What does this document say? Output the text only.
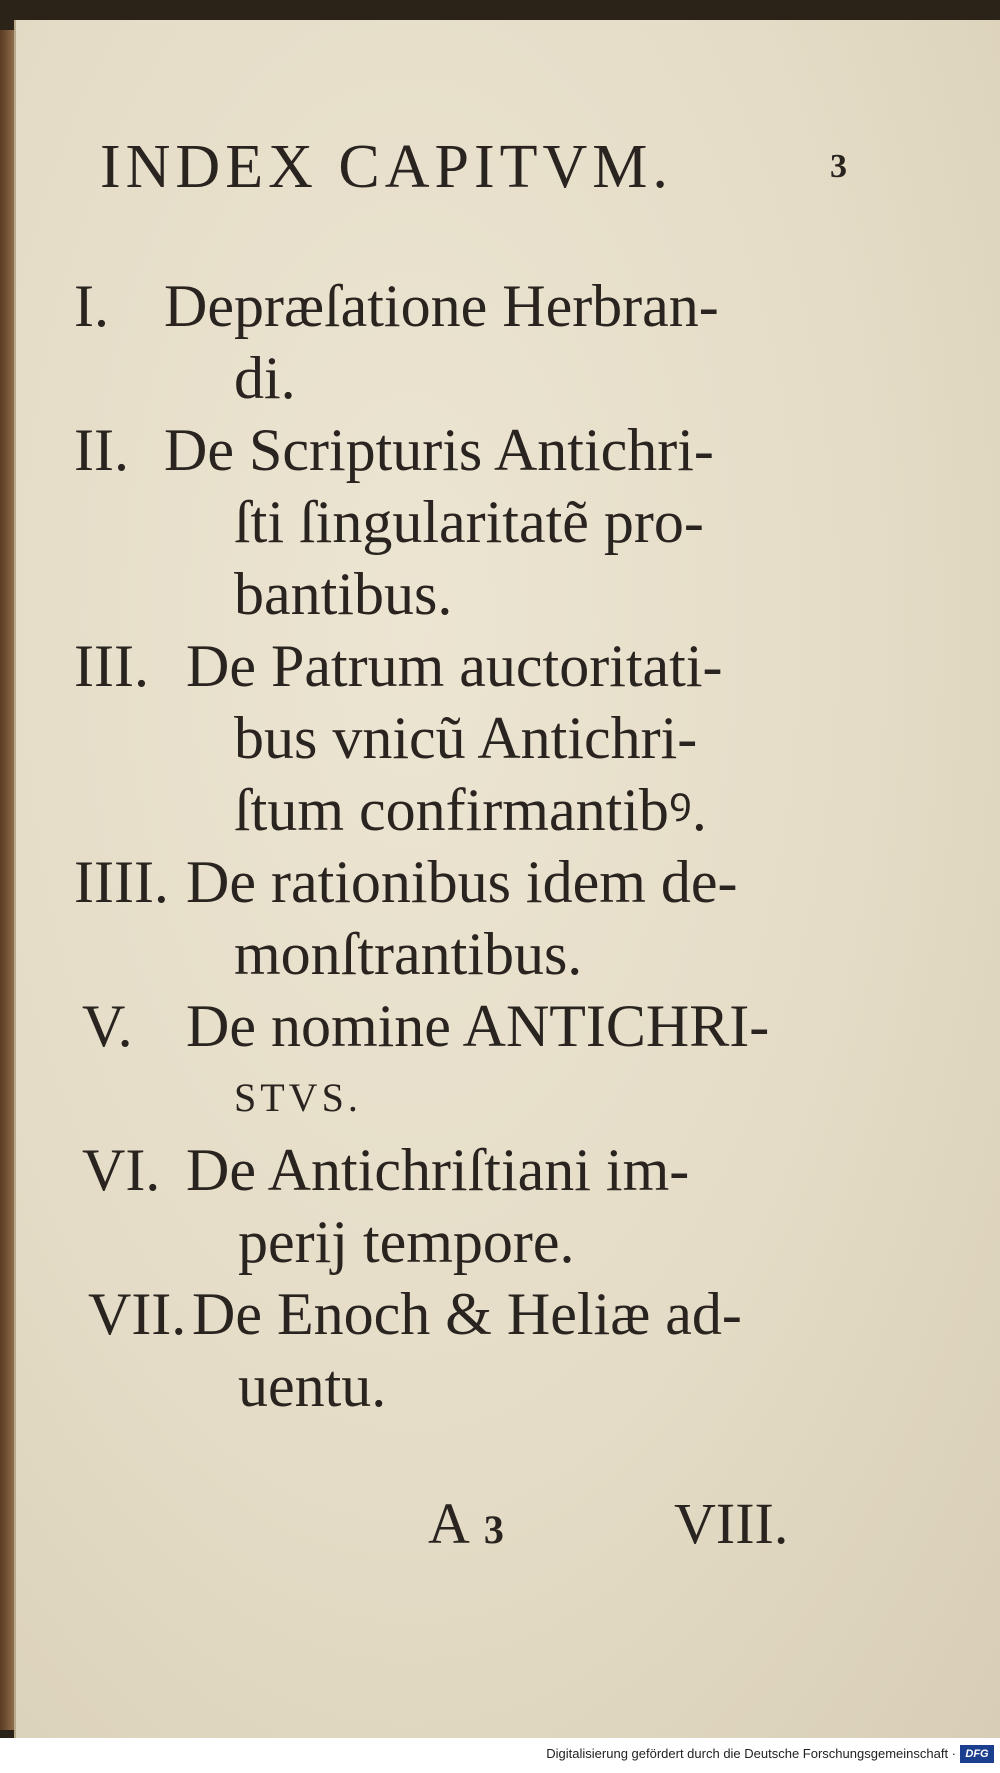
INDEX CAPITVM.	3
I. Depræſatione Herbran-
di.
II. De Scripturis Antichri-
ſti ſingularitatẽ pro-
bantibus.
III. De Patrum auctoritati-
bus vnicũ Antichri-
ſtum confirmantibꝰ.
IIII. De rationibus idem de-
monſtrantibus.
V. De nomine ANTICHRI-
STVS.
VI. De Antichriſtiani im-
perij tempore.
VII. De Enoch & Heliæ ad-
uentu.
A 3	VIII.
Digitalisierung gefördert durch die Deutsche Forschungsgemeinschaft · DFG
